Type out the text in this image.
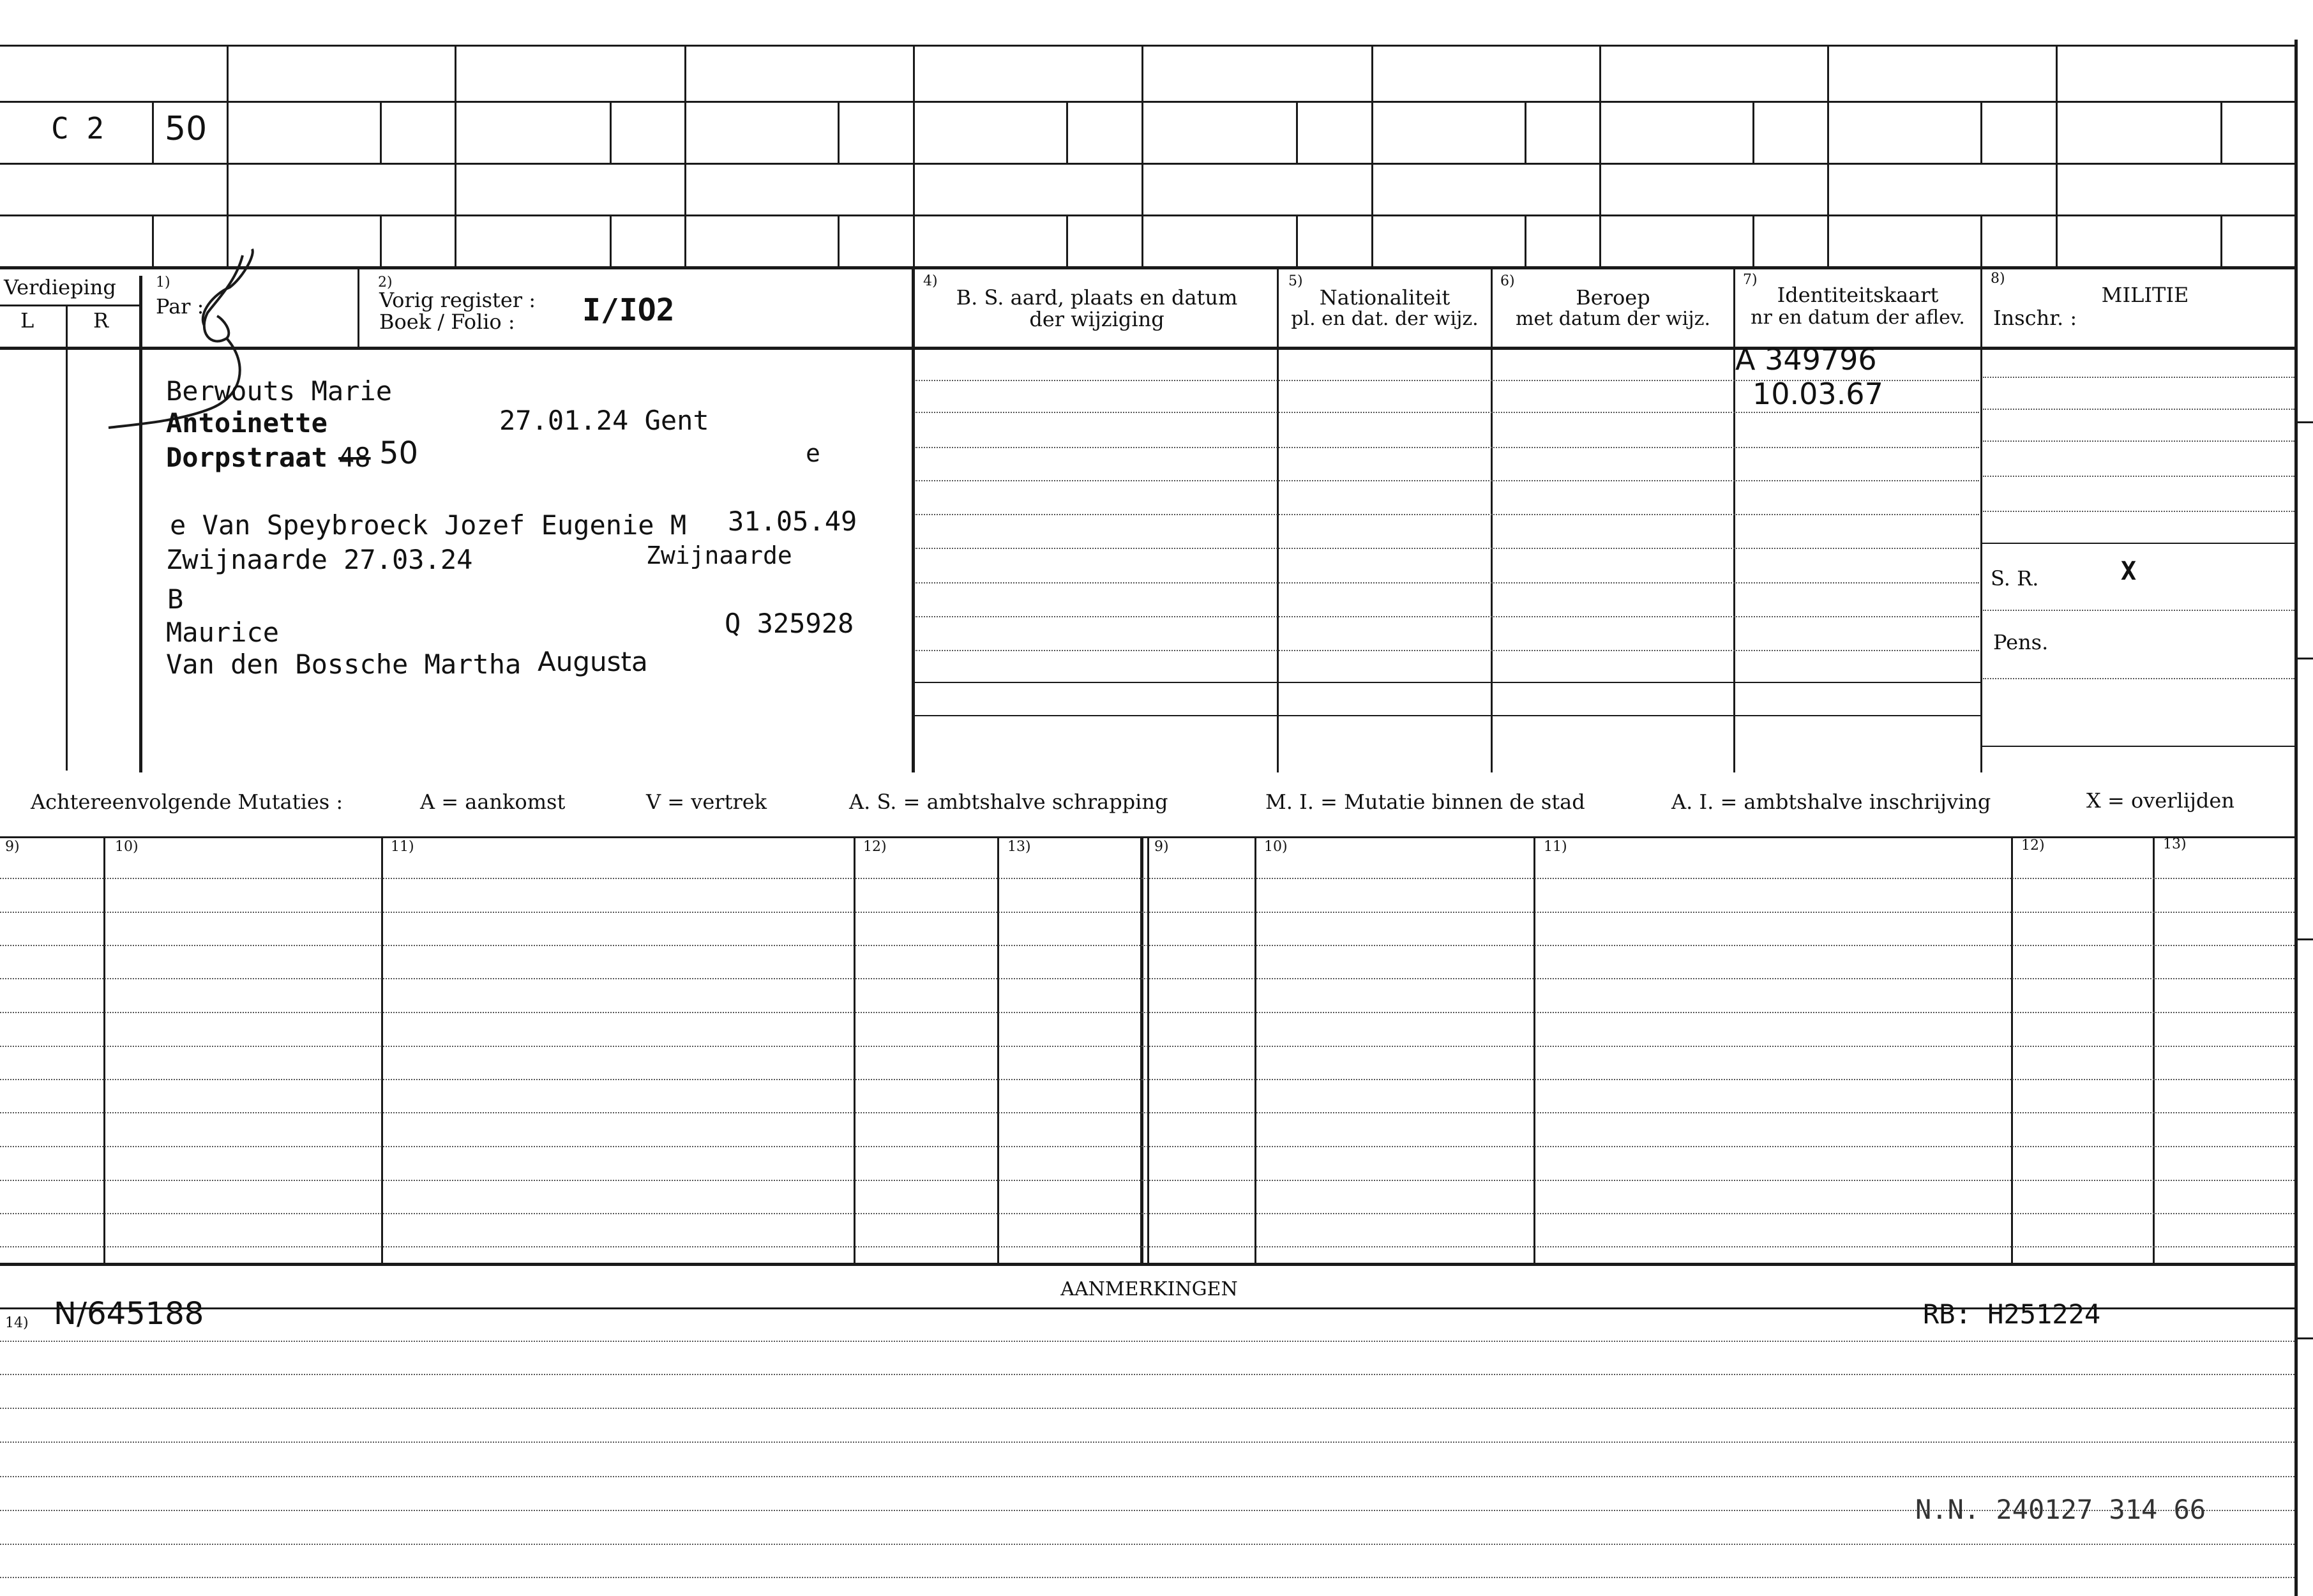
C 2 50
Verdieping
L	R
1)
Par :
2)
Vorig register :
Boek / Folio : I/IO2
4)
B. S. aard, plaats en datum
der wijziging
5)
Nationaliteit
pl. en dat. der wijz.
6)
Beroep
met datum der wijz.
7)
Identiteitskaart
nr en datum der aflev.
8)
MILITIE
Inschr. :
Berwouts Marie
Antoinette	27.01.24 Gent
Dorpstraat 48 50	e
e Van Speybroeck Jozef Eugenie M 31.05.49
Zwijnaarde 27.03.24	Zwijnaarde
B
Maurice	Q 325928
Van den Bossche Martha Augusta
A 349796
10.03.67
S. R.	X
Pens.
Achtereenvolgende Mutaties :	A = aankomst	V = vertrek	A. S. = ambtshalve schrapping	M. I. = Mutatie binnen de stad	A. I. = ambtshalve inschrijving	X = overlijden
9)	10)	11)	12)	13)	9)	10)	11)	12)	13)
AANMERKINGEN
14) N/645188	RB: H251224
N.N. 240127 314 66
